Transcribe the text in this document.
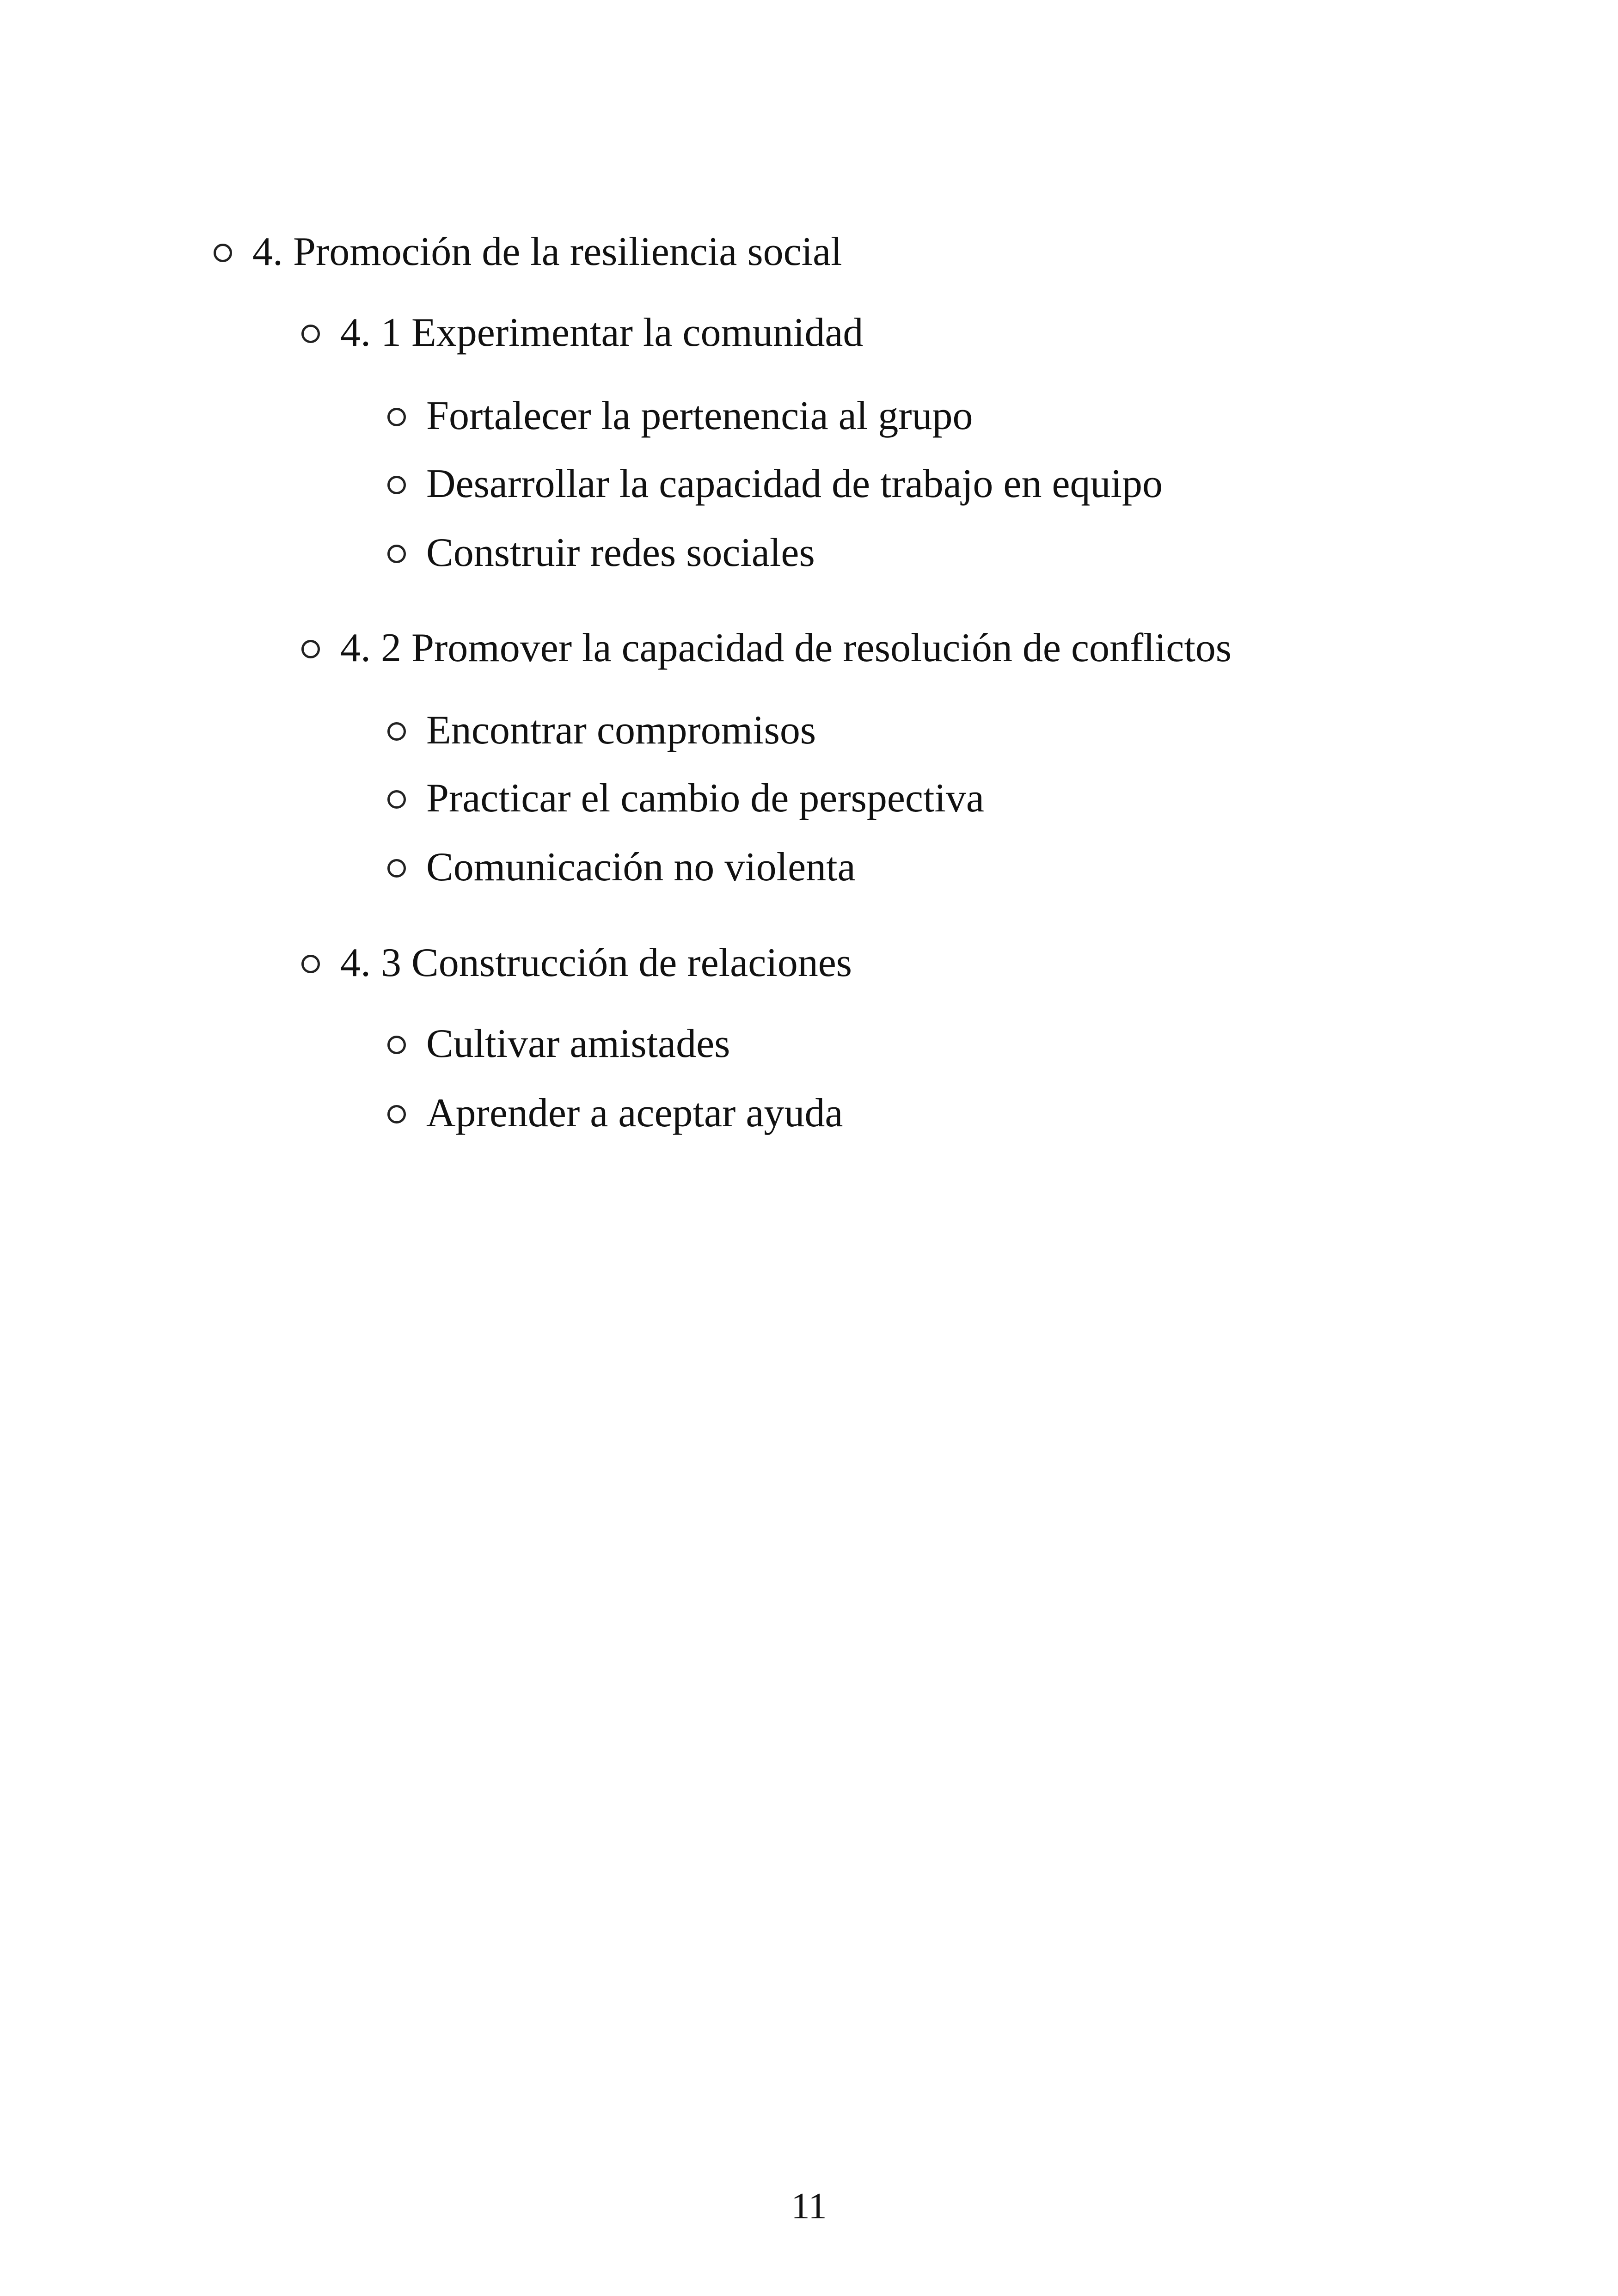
4. Promoción de la resiliencia social
4. 1 Experimentar la comunidad
Fortalecer la pertenencia al grupo
Desarrollar la capacidad de trabajo en equipo
Construir redes sociales
4. 2 Promover la capacidad de resolución de conflictos
Encontrar compromisos
Practicar el cambio de perspectiva
Comunicación no violenta
4. 3 Construcción de relaciones
Cultivar amistades
Aprender a aceptar ayuda
11
